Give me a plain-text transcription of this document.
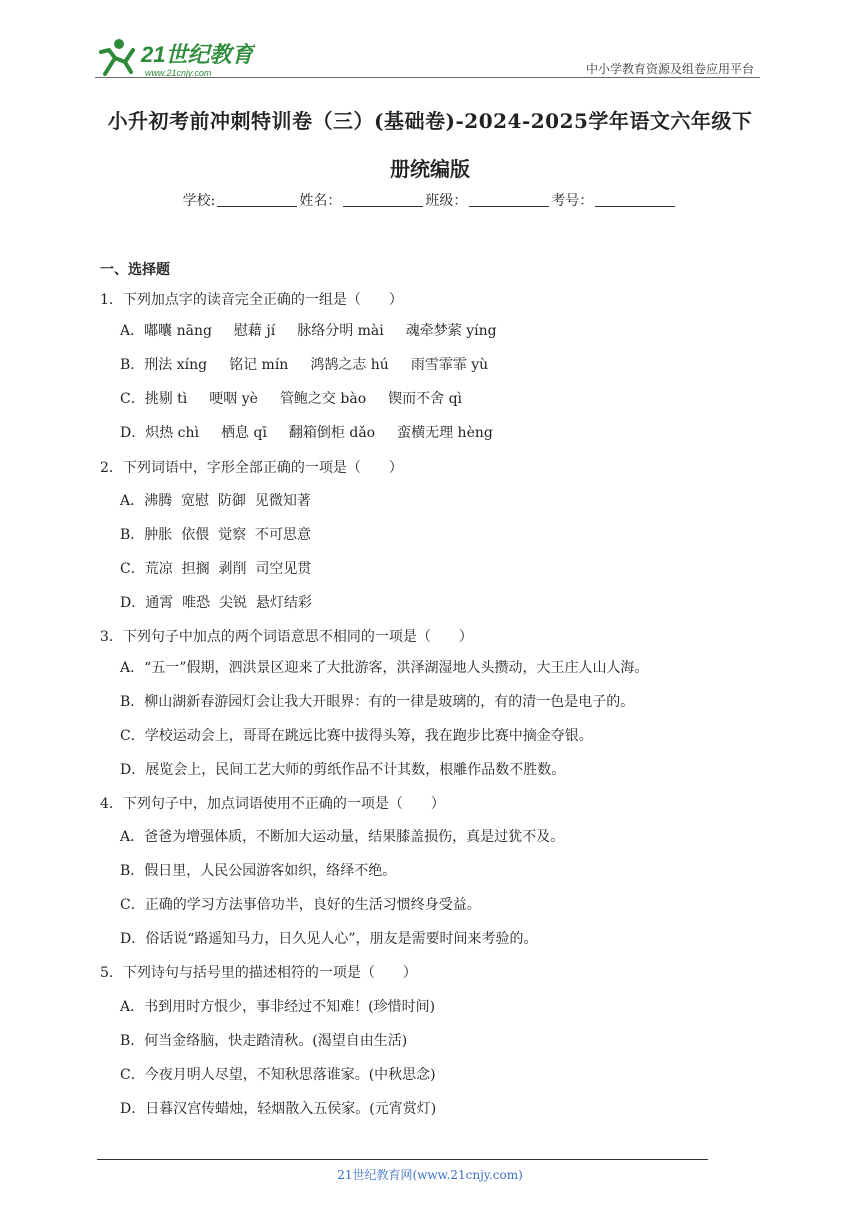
21世纪教育
www.21cnjy.com	中小学教育资源及组卷应用平台
小升初考前冲刺特训卷（三）(基础卷)-2024-2025学年语文六年级下
册统编版
学校:	姓名：	班级：	考号：
一、选择题
1．下列加点字的读音完全正确的一组是（　　）
A．嘟囔 nāng 慰藉 jí 脉络分明 mài 魂牵梦萦 yíng
B．刑法 xíng 铭记 mín 鸿鹄之志 hú 雨雪霏霏 yù
C．挑剔 tì 哽咽 yè 管鲍之交 bào 锲而不舍 qì
D．炽热 chì 栖息 qī 翻箱倒柜 dǎo 蛮横无理 hèng
2．下列词语中，字形全部正确的一项是（　　）
A．沸腾  宽慰  防御  见微知著
B．肿胀  依偎  觉察  不可思意
C．荒凉  担搁  剥削  司空见贯
D．通霄  唯恐  尖锐  悬灯结彩
3．下列句子中加点的两个词语意思不相同的一项是（　　）
A．“五一”假期，泗洪景区迎来了大批游客，洪泽湖湿地人头攒动，大王庄人山人海。
B．柳山湖新春游园灯会让我大开眼界：有的一律是玻璃的，有的清一色是电子的。
C．学校运动会上，哥哥在跳远比赛中拔得头筹，我在跑步比赛中摘金夺银。
D．展览会上，民间工艺大师的剪纸作品不计其数，根雕作品数不胜数。
4．下列句子中，加点词语使用不正确的一项是（　　）
A．爸爸为增强体质，不断加大运动量，结果膝盖损伤，真是过犹不及。
B．假日里，人民公园游客如织，络绎不绝。
C．正确的学习方法事倍功半，良好的生活习惯终身受益。
D．俗话说“路遥知马力，日久见人心”，朋友是需要时间来考验的。
5．下列诗句与括号里的描述相符的一项是（　　）
A．书到用时方恨少，事非经过不知难！(珍惜时间)
B．何当金络脑，快走踏清秋。(渴望自由生活)
C．今夜月明人尽望，不知秋思落谁家。(中秋思念)
D．日暮汉宫传蜡烛，轻烟散入五侯家。(元宵赏灯)
21世纪教育网(www.21cnjy.com)
